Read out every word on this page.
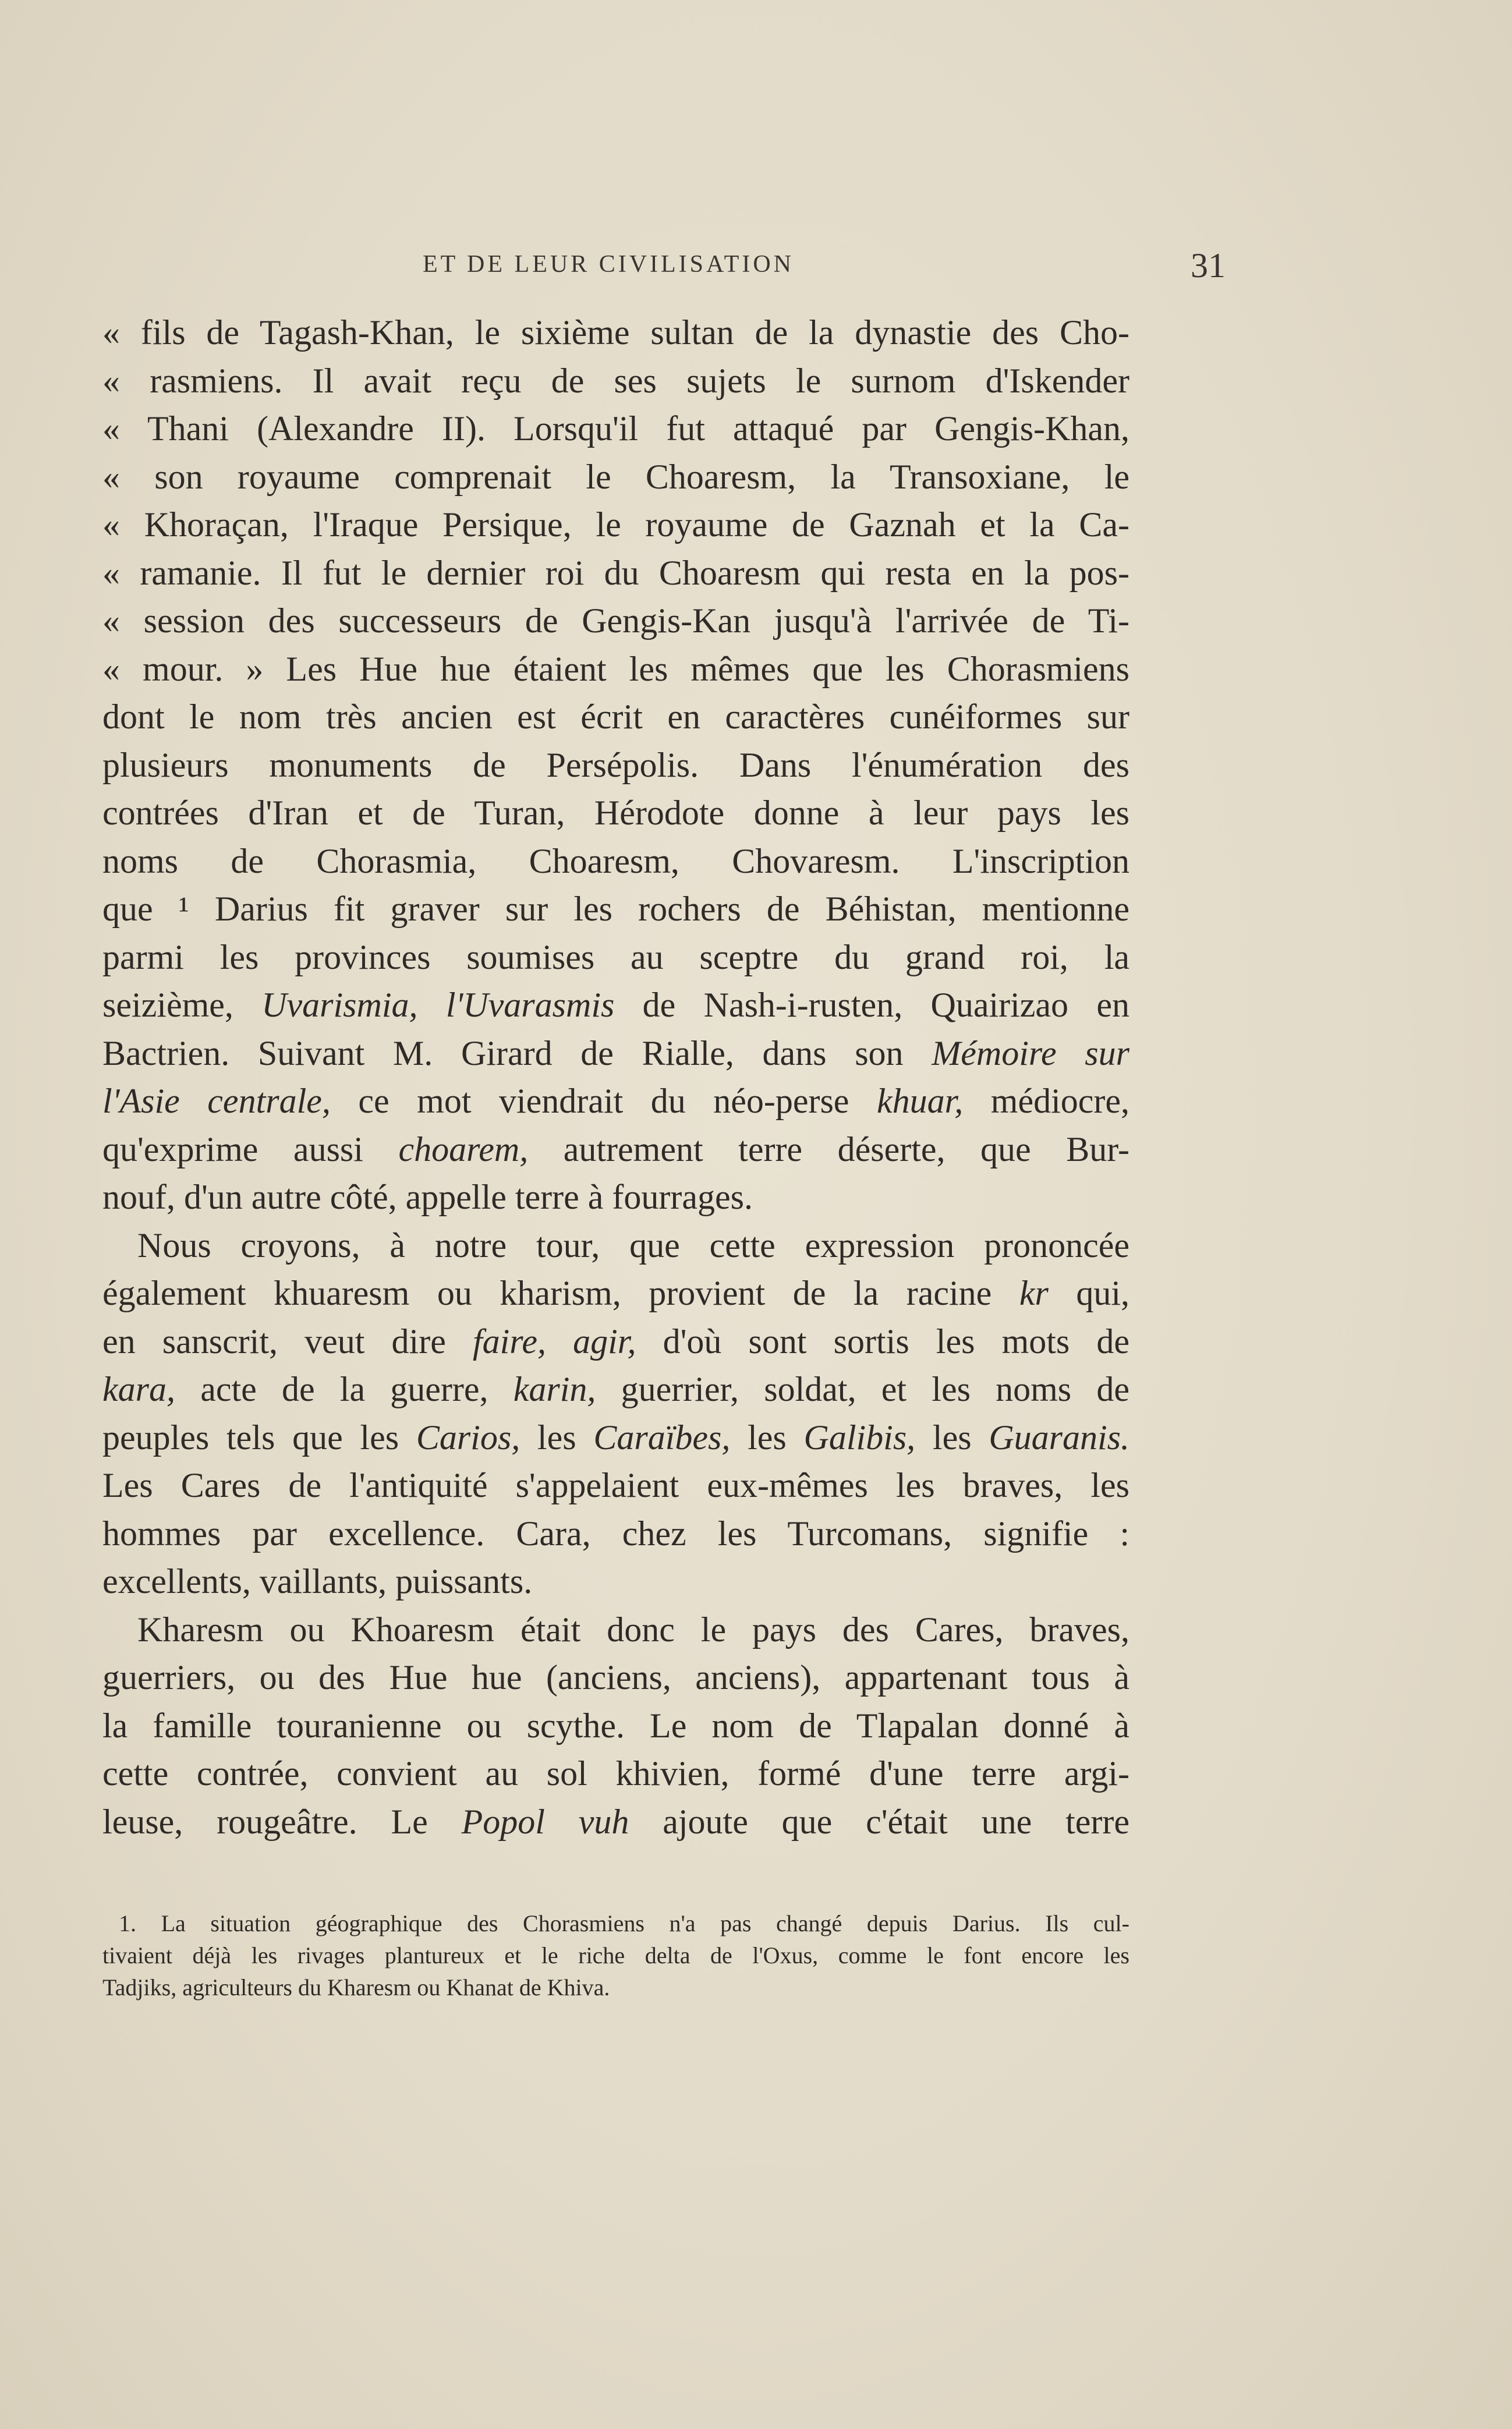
ET DE LEUR CIVILISATION	31
« fils de Tagash-Khan, le sixième sultan de la dynastie des Cho-
« rasmiens. Il avait reçu de ses sujets le surnom d'Iskender
« Thani (Alexandre II). Lorsqu'il fut attaqué par Gengis-Khan,
« son royaume comprenait le Choaresm, la Transoxiane, le
« Khoraçan, l'Iraque Persique, le royaume de Gaznah et la Ca-
« ramanie. Il fut le dernier roi du Choaresm qui resta en la pos-
« session des successeurs de Gengis-Kan jusqu'à l'arrivée de Ti-
« mour. » Les Hue hue étaient les mêmes que les Chorasmiens
dont le nom très ancien est écrit en caractères cunéiformes sur
plusieurs monuments de Persépolis. Dans l'énumération des
contrées d'Iran et de Turan, Hérodote donne à leur pays les
noms de Chorasmia, Choaresm, Chovaresm. L'inscription
que ¹ Darius fit graver sur les rochers de Béhistan, mentionne
parmi les provinces soumises au sceptre du grand roi, la
seizième, Uvarismia, l'Uvarasmis de Nash-i-rusten, Quairizao en
Bactrien. Suivant M. Girard de Rialle, dans son Mémoire sur
l'Asie centrale, ce mot viendrait du néo-perse khuar, médiocre,
qu'exprime aussi choarem, autrement terre déserte, que Bur-
nouf, d'un autre côté, appelle terre à fourrages.
Nous croyons, à notre tour, que cette expression prononcée
également khuaresm ou kharism, provient de la racine kr qui,
en sanscrit, veut dire faire, agir, d'où sont sortis les mots de
kara, acte de la guerre, karin, guerrier, soldat, et les noms de
peuples tels que les Carios, les Caraïbes, les Galibis, les Guaranis.
Les Cares de l'antiquité s'appelaient eux-mêmes les braves, les
hommes par excellence. Cara, chez les Turcomans, signifie :
excellents, vaillants, puissants.
Kharesm ou Khoaresm était donc le pays des Cares, braves,
guerriers, ou des Hue hue (anciens, anciens), appartenant tous à
la famille touranienne ou scythe. Le nom de Tlapalan donné à
cette contrée, convient au sol khivien, formé d'une terre argi-
leuse, rougeâtre. Le Popol vuh ajoute que c'était une terre
1. La situation géographique des Chorasmiens n'a pas changé depuis Darius. Ils cul-
tivaient déjà les rivages plantureux et le riche delta de l'Oxus, comme le font encore les
Tadjiks, agriculteurs du Kharesm ou Khanat de Khiva.
